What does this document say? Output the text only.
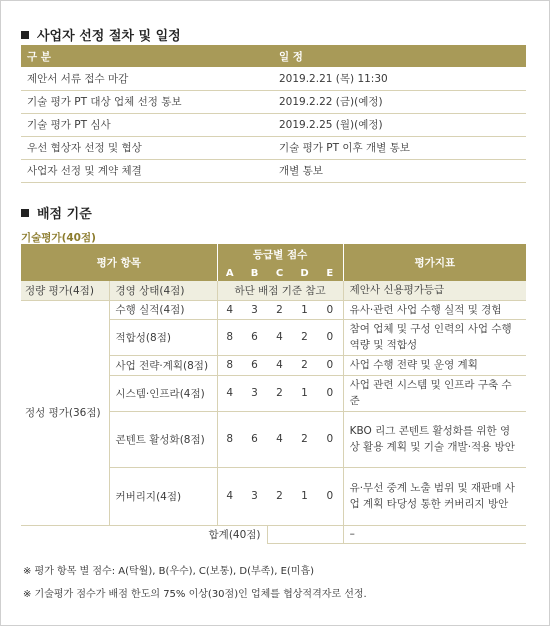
사업자 선정 절차 및 일정
구 분	일 정
제안서 서류 접수 마감	2019.2.21 (목) 11:30
기술 평가 PT 대상 업체 선정 통보	2019.2.22 (금)(예정)
기술 평가 PT 심사	2019.2.25 (월)(예정)
우선 협상자 선정 및 협상	기술 평가 PT 이후 개별 통보
사업자 선정 및 계약 체결	개별 통보
배점 기준
기술평가(40점)
평가 항목		등급별 점수					평가지표
		A	B	C	D	E	
정량 평가(4점)	경영 상태(4점)	하단 배점 기준 참고					제안사 신용평가등급
정성 평가(36점)	수행 실적(4점)	4	3	2	1	0	유사·관련 사업 수행 실적 및 경험
	적합성(8점)	8	6	4	2	0	참여 업체 및 구성 인력의 사업 수행 역량 및 적합성
	사업 전략·계획(8점)	8	6	4	2	0	사업 수행 전략 및 운영 계획
	시스템·인프라(4점)	4	3	2	1	0	사업 관련 시스템 및 인프라 구축 수준
	콘텐트 활성화(8점)	8	6	4	2	0	KBO 리그 콘텐트 활성화를 위한 영상 활용 계획 및 기술 개발·적용 방안
	커버리지(4점)	4	3	2	1	0	유·무선 중계 노출 범위 및 재판매 사업 계획 타당성 통한 커버리지 방안
합계(40점)							–
※ 평가 항목 별 점수: A(탁월), B(우수), C(보통), D(부족), E(미흡)
※ 기술평가 점수가 배점 한도의 75% 이상(30점)인 업체를 협상적격자로 선정.
